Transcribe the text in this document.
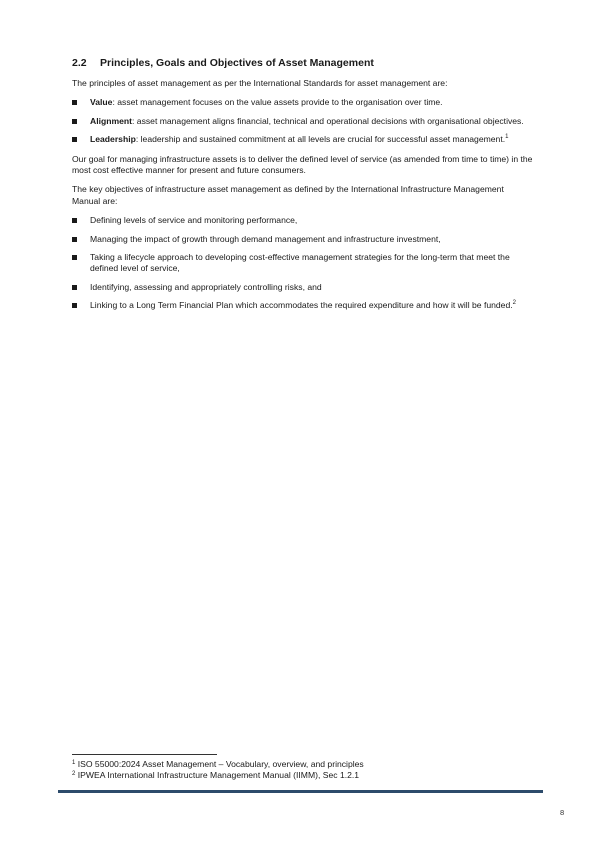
2.2 Principles, Goals and Objectives of Asset Management

The principles of asset management as per the International Standards for asset management are:

Value: asset management focuses on the value assets provide to the organisation over time.
Alignment: asset management aligns financial, technical and operational decisions with organisational objectives.
Leadership: leadership and sustained commitment at all levels are crucial for successful asset management.$^1$

Our goal for managing infrastructure assets is to deliver the defined level of service (as amended from time to time) in the most cost effective manner for present and future consumers.

The key objectives of infrastructure asset management as defined by the International Infrastructure Management Manual are:

Defining levels of service and monitoring performance,
Managing the impact of growth through demand management and infrastructure investment,
Taking a lifecycle approach to developing cost-effective management strategies for the long-term that meet the defined level of service,
Identifying, assessing and appropriately controlling risks, and
Linking to a Long Term Financial Plan which accommodates the required expenditure and how it will be funded.$^2$

$^1$ ISO 55000:2024 Asset Management – Vocabulary, overview, and principles

$^2$ IPWEA International Infrastructure Management Manual (IIMM), Sec 1.2.1

8
